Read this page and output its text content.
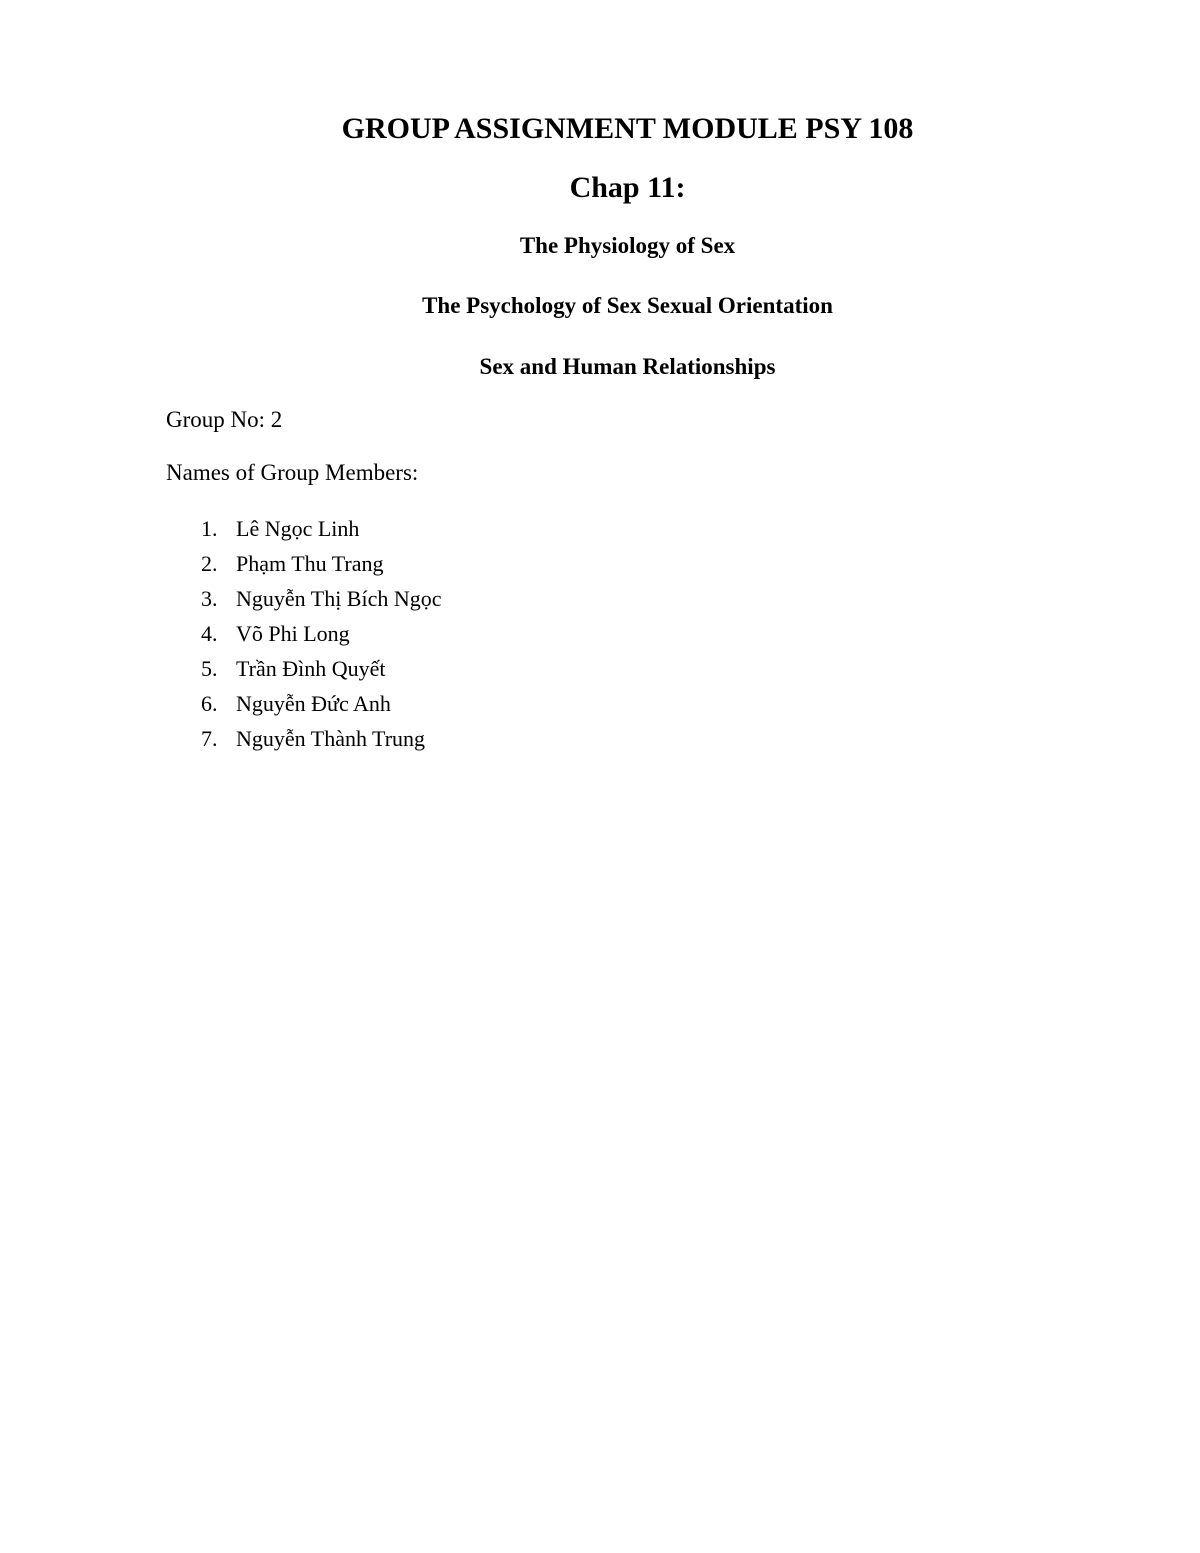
GROUP ASSIGNMENT MODULE PSY 108
Chap 11:
The Physiology of Sex
The Psychology of Sex Sexual Orientation
Sex and Human Relationships
Group No: 2
Names of Group Members:
1. Lê Ngọc Linh
2. Phạm Thu Trang
3. Nguyễn Thị Bích Ngọc
4. Võ Phi Long
5. Trần Đình Quyết
6. Nguyễn Đức Anh
7. Nguyễn Thành Trung
